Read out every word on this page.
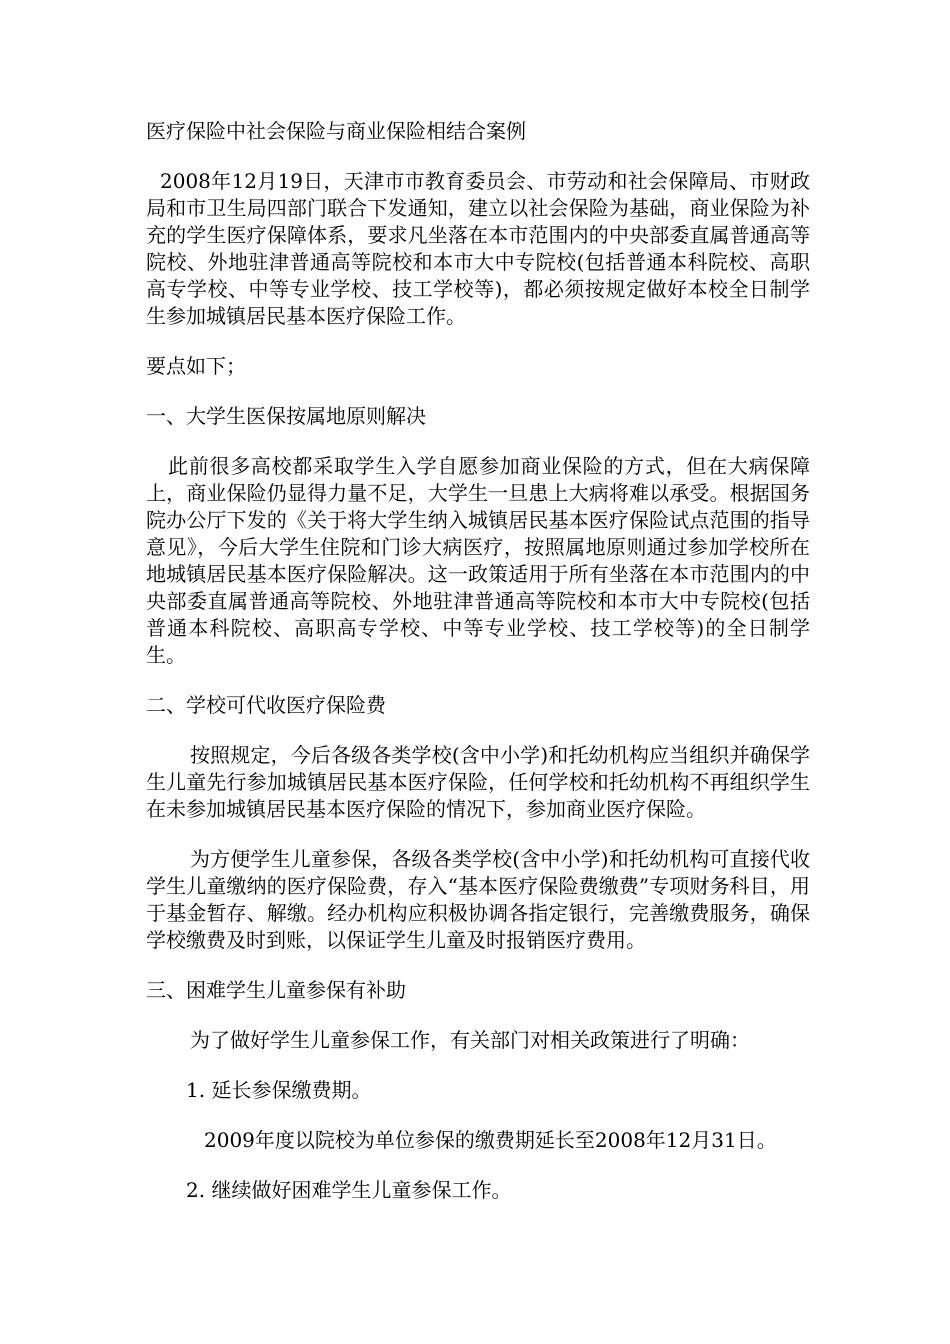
医疗保险中社会保险与商业保险相结合案例

2008年12月19日，天津市市教育委员会、市劳动和社会保障局、市财政局和市卫生局四部门联合下发通知，建立以社会保险为基础，商业保险为补充的学生医疗保障体系，要求凡坐落在本市范围内的中央部委直属普通高等院校、外地驻津普通高等院校和本市大中专院校(包括普通本科院校、高职高专学校、中等专业学校、技工学校等)，都必须按规定做好本校全日制学生参加城镇居民基本医疗保险工作。

要点如下；

一、大学生医保按属地原则解决

此前很多高校都采取学生入学自愿参加商业保险的方式，但在大病保障上，商业保险仍显得力量不足，大学生一旦患上大病将难以承受。根据国务院办公厅下发的《关于将大学生纳入城镇居民基本医疗保险试点范围的指导意见》，今后大学生住院和门诊大病医疗，按照属地原则通过参加学校所在地城镇居民基本医疗保险解决。这一政策适用于所有坐落在本市范围内的中央部委直属普通高等院校、外地驻津普通高等院校和本市大中专院校(包括普通本科院校、高职高专学校、中等专业学校、技工学校等)的全日制学生。

二、学校可代收医疗保险费

按照规定，今后各级各类学校(含中小学)和托幼机构应当组织并确保学生儿童先行参加城镇居民基本医疗保险，任何学校和托幼机构不再组织学生在未参加城镇居民基本医疗保险的情况下，参加商业医疗保险。

为方便学生儿童参保，各级各类学校(含中小学)和托幼机构可直接代收学生儿童缴纳的医疗保险费，存入“基本医疗保险费缴费”专项财务科目，用于基金暂存、解缴。经办机构应积极协调各指定银行，完善缴费服务，确保学校缴费及时到账，以保证学生儿童及时报销医疗费用。

三、困难学生儿童参保有补助

为了做好学生儿童参保工作，有关部门对相关政策进行了明确：

1. 延长参保缴费期。

2009年度以院校为单位参保的缴费期延长至2008年12月31日。

2. 继续做好困难学生儿童参保工作。
